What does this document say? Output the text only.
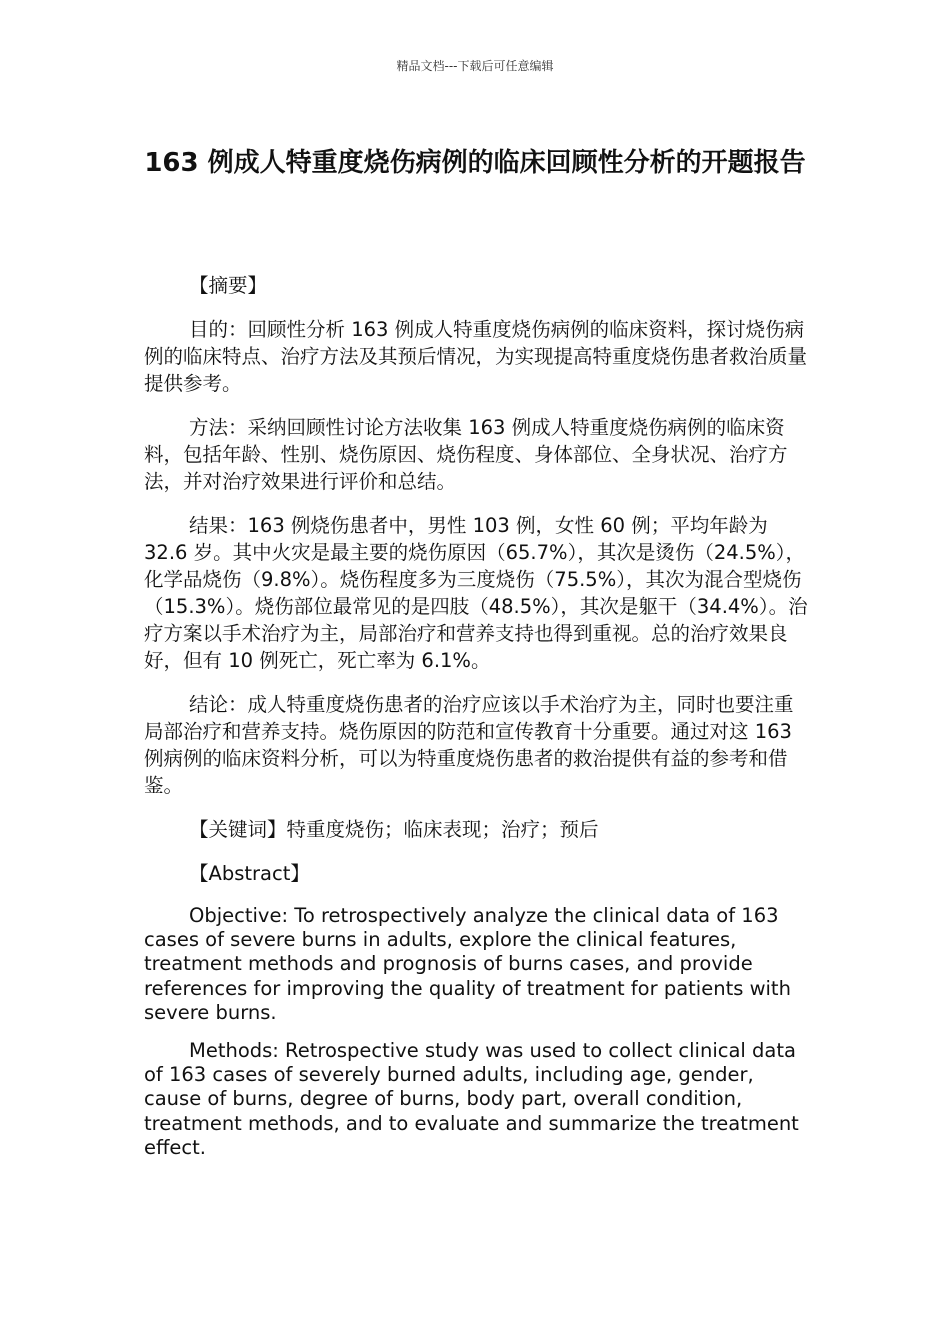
精品文档---下载后可任意编辑
163 例成人特重度烧伤病例的临床回顾性分析的开题报告

【摘要】

目的：回顾性分析 163 例成人特重度烧伤病例的临床资料，探讨烧伤病例的临床特点、治疗方法及其预后情况，为实现提高特重度烧伤患者救治质量提供参考。

方法：采纳回顾性讨论方法收集 163 例成人特重度烧伤病例的临床资料，包括年龄、性别、烧伤原因、烧伤程度、身体部位、全身状况、治疗方法，并对治疗效果进行评价和总结。

结果：163 例烧伤患者中，男性 103 例，女性 60 例；平均年龄为 32.6 岁。其中火灾是最主要的烧伤原因（65.7%），其次是烫伤（24.5%），化学品烧伤（9.8%）。烧伤程度多为三度烧伤（75.5%），其次为混合型烧伤（15.3%）。烧伤部位最常见的是四肢（48.5%），其次是躯干（34.4%）。治疗方案以手术治疗为主，局部治疗和营养支持也得到重视。总的治疗效果良好，但有 10 例死亡，死亡率为 6.1%。

结论：成人特重度烧伤患者的治疗应该以手术治疗为主，同时也要注重局部治疗和营养支持。烧伤原因的防范和宣传教育十分重要。通过对这 163 例病例的临床资料分析，可以为特重度烧伤患者的救治提供有益的参考和借鉴。

【关键词】特重度烧伤；临床表现；治疗；预后

【Abstract】

Objective: To retrospectively analyze the clinical data of 163 cases of severe burns in adults, explore the clinical features, treatment methods and prognosis of burns cases, and provide references for improving the quality of treatment for patients with severe burns.

Methods: Retrospective study was used to collect clinical data of 163 cases of severely burned adults, including age, gender, cause of burns, degree of burns, body part, overall condition, treatment methods, and to evaluate and summarize the treatment effect.
